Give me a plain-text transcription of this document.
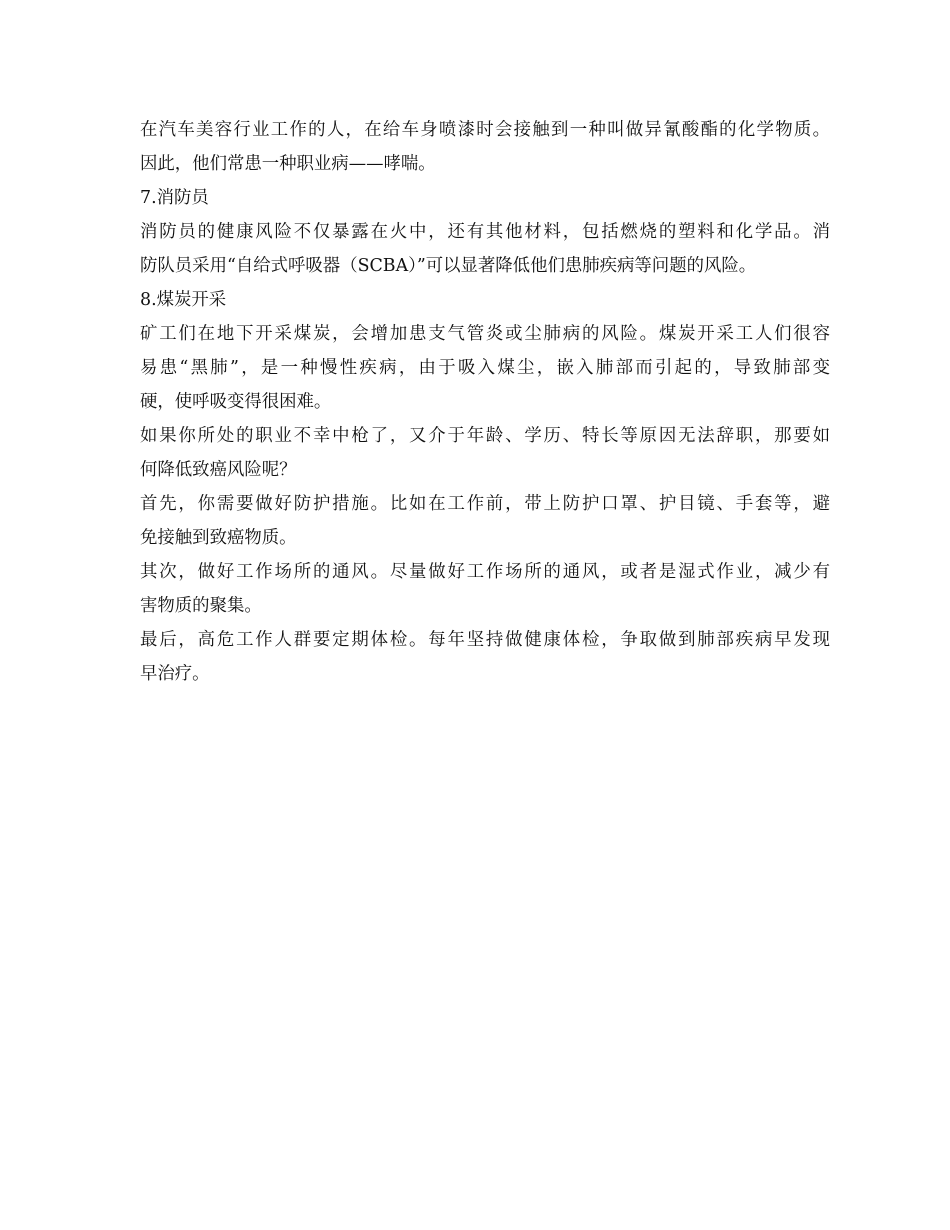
在汽车美容行业工作的人，在给车身喷漆时会接触到一种叫做异氰酸酯的化学物质。
因此，他们常患一种职业病——哮喘。
7.消防员
消防员的健康风险不仅暴露在火中，还有其他材料，包括燃烧的塑料和化学品。消
防队员采用“自给式呼吸器（SCBA）”可以显著降低他们患肺疾病等问题的风险。
8.煤炭开采
矿工们在地下开采煤炭，会增加患支气管炎或尘肺病的风险。煤炭开采工人们很容
易患“黑肺”，是一种慢性疾病，由于吸入煤尘，嵌入肺部而引起的，导致肺部变
硬，使呼吸变得很困难。
如果你所处的职业不幸中枪了，又介于年龄、学历、特长等原因无法辞职，那要如
何降低致癌风险呢？
首先，你需要做好防护措施。比如在工作前，带上防护口罩、护目镜、手套等，避
免接触到致癌物质。
其次，做好工作场所的通风。尽量做好工作场所的通风，或者是湿式作业，减少有
害物质的聚集。
最后，高危工作人群要定期体检。每年坚持做健康体检，争取做到肺部疾病早发现
早治疗。
